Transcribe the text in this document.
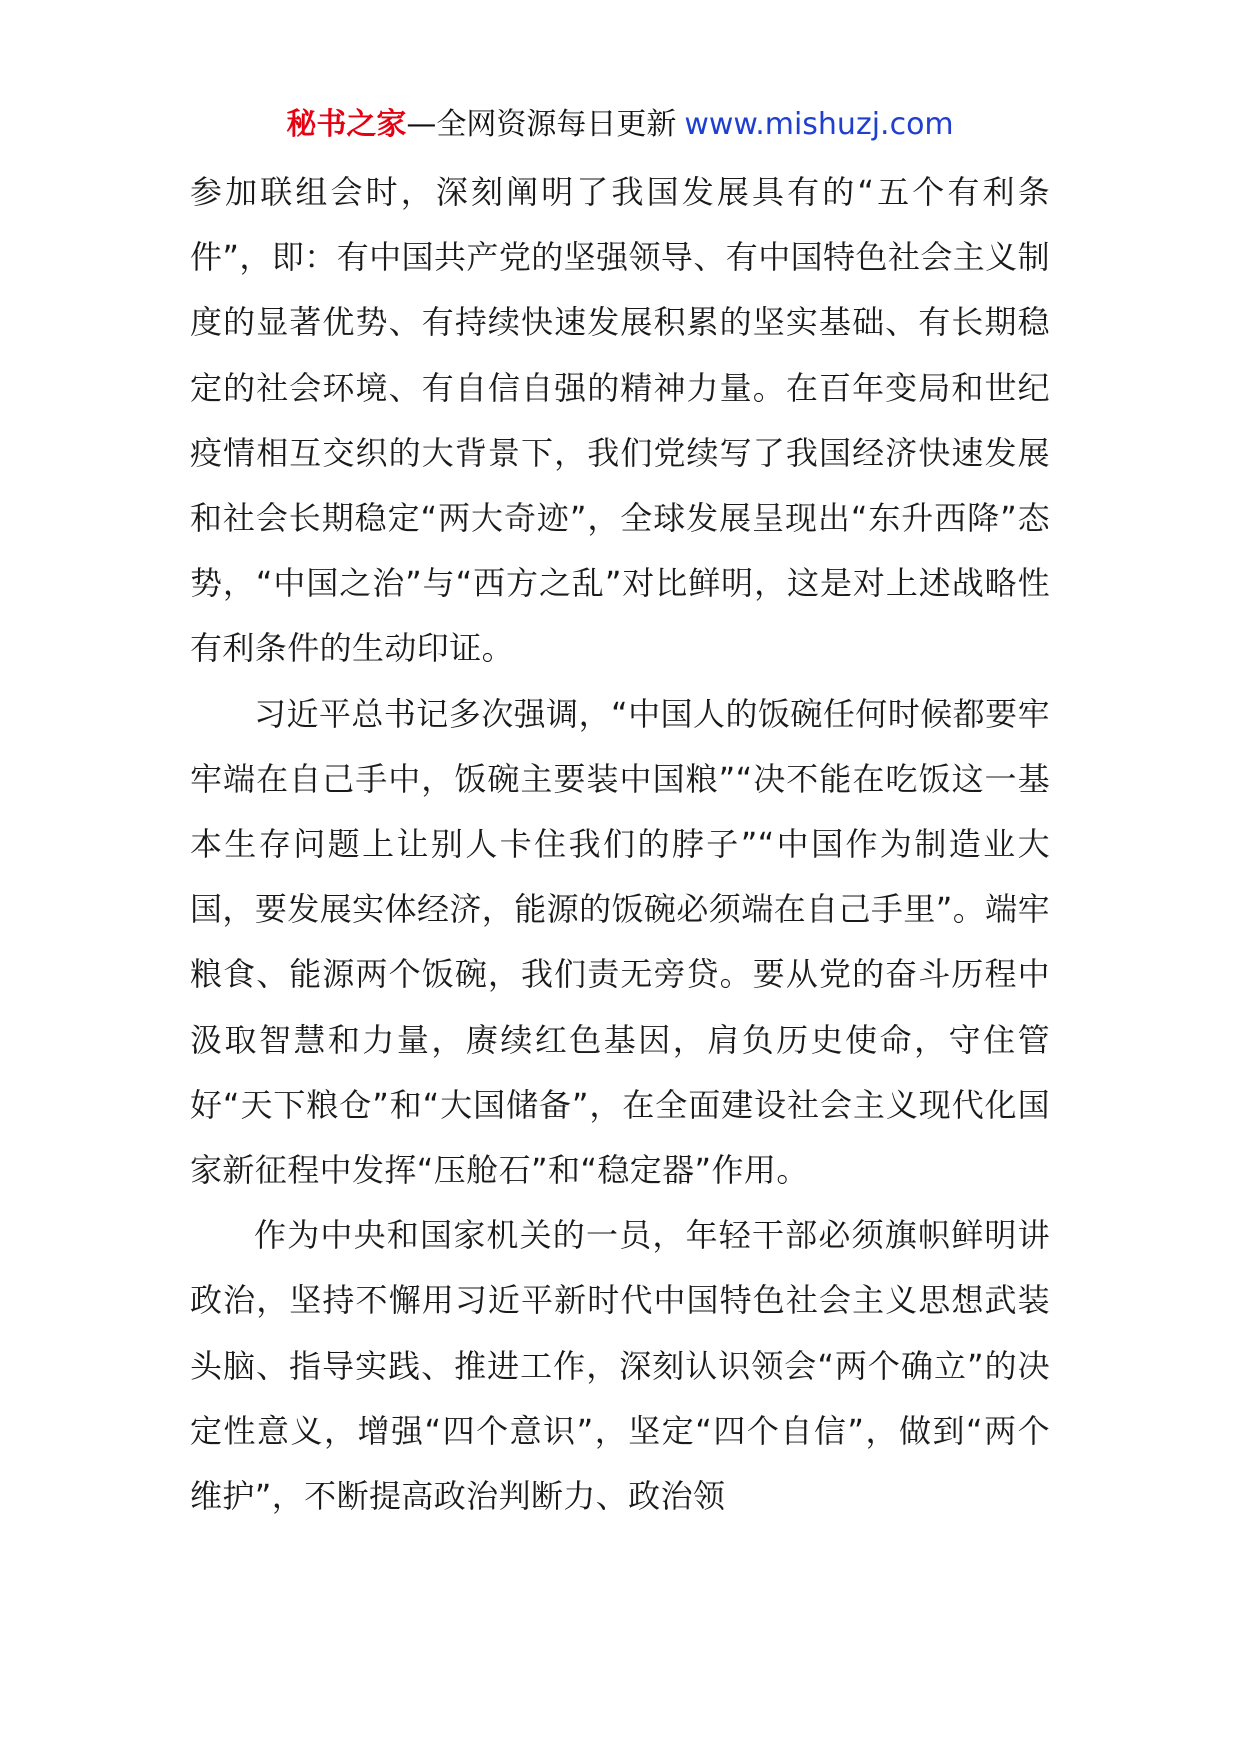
秘书之家—全网资源每日更新 www.mishuzj.com

参加联组会时，深刻阐明了我国发展具有的“五个有利条件”，即：有中国共产党的坚强领导、有中国特色社会主义制度的显著优势、有持续快速发展积累的坚实基础、有长期稳定的社会环境、有自信自强的精神力量。在百年变局和世纪疫情相互交织的大背景下，我们党续写了我国经济快速发展和社会长期稳定“两大奇迹”，全球发展呈现出“东升西降”态势，“中国之治”与“西方之乱”对比鲜明，这是对上述战略性有利条件的生动印证。

习近平总书记多次强调，“中国人的饭碗任何时候都要牢牢端在自己手中，饭碗主要装中国粮”“决不能在吃饭这一基本生存问题上让别人卡住我们的脖子”“中国作为制造业大国，要发展实体经济，能源的饭碗必须端在自己手里”。端牢粮食、能源两个饭碗，我们责无旁贷。要从党的奋斗历程中汲取智慧和力量，赓续红色基因，肩负历史使命，守住管好“天下粮仓”和“大国储备”，在全面建设社会主义现代化国家新征程中发挥“压舱石”和“稳定器”作用。

作为中央和国家机关的一员，年轻干部必须旗帜鲜明讲政治，坚持不懈用习近平新时代中国特色社会主义思想武装头脑、指导实践、推进工作，深刻认识领会“两个确立”的决定性意义，增强“四个意识”，坚定“四个自信”，做到“两个维护”，不断提高政治判断力、政治领
